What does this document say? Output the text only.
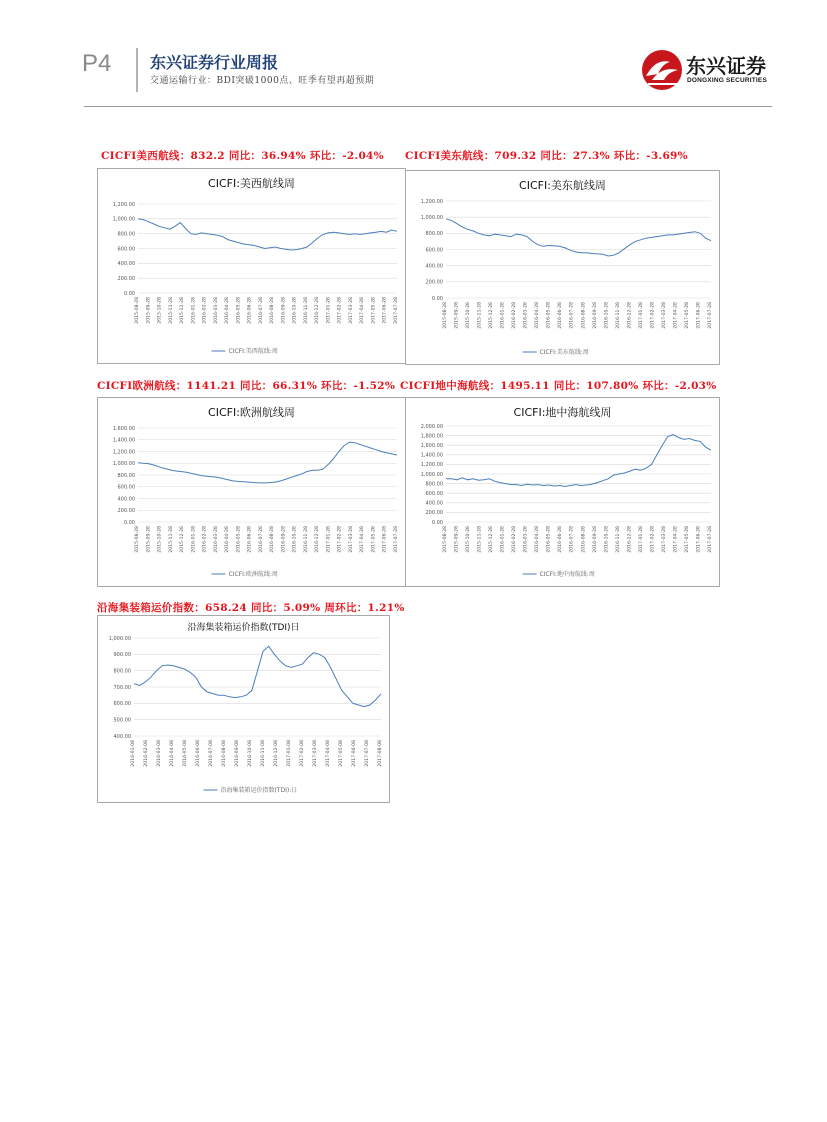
P4 东兴证券行业周报
交通运输行业：BDI突破1000点、旺季有望再超预期
东兴证券
DONGXING SECURITIES
CICFI美西航线：832.2 同比：36.94% 环比：-2.04% CICFI美东航线：709.32 同比：27.3% 环比：-3.69%
CICFI欧洲航线：1141.21 同比：66.31% 环比：-1.52% CICFI地中海航线：1495.11 同比：107.80% 环比：-2.03%
沿海集装箱运价指数：658.24 同比：5.09% 周环比：1.21%
CICFI:美西航线周
1,200.00
1,000.00
800.00
600.00
400.00
200.00
0.00
2015-08-28 2015-09-28 2015-10-28 2015-11-28 2015-12-28 2016-01-28 2016-02-28 2016-03-28 2016-04-28 2016-05-28 2016-06-28 2016-07-28 2016-08-28 2016-09-28 2016-10-28 2016-11-28 2016-12-28 2017-01-28 2017-02-28 2017-03-28 2017-04-28 2017-05-28 2017-06-28 2017-07-28
CICFI:美西航线:周
CICFI:美东航线周
1,200.00
1,000.00
800.00
600.00
400.00
200.00
0.00
2015-08-28 2015-09-28 2015-10-28 2015-11-28 2015-12-28 2016-01-28 2016-02-28 2016-03-28 2016-04-28 2016-05-28 2016-06-28 2016-07-28 2016-08-28 2016-09-28 2016-10-28 2016-11-28 2016-12-28 2017-01-28 2017-02-28 2017-03-28 2017-04-28 2017-05-28 2017-06-28 2017-07-28
CICFI:美东航线:周
CICFI:欧洲航线周
1,600.00
1,400.00
1,200.00
1,000.00
800.00
600.00
400.00
200.00
0.00
2015-08-28 2015-09-28 2015-10-28 2015-11-28 2015-12-28 2016-01-28 2016-02-28 2016-03-28 2016-04-28 2016-05-28 2016-06-28 2016-07-28 2016-08-28 2016-09-28 2016-10-28 2016-11-28 2016-12-28 2017-01-28 2017-02-28 2017-03-28 2017-04-28 2017-05-28 2017-06-28 2017-07-28
CICFI:欧洲航线:周
CICFI:地中海航线周
2,000.00
1,800.00
1,600.00
1,400.00
1,200.00
1,000.00
800.00
600.00
400.00
200.00
0.00
2015-08-28 2015-09-28 2015-10-28 2015-11-28 2015-12-28 2016-01-28 2016-02-28 2016-03-28 2016-04-28 2016-05-28 2016-06-28 2016-07-28 2016-08-28 2016-09-28 2016-10-28 2016-11-28 2016-12-28 2017-01-28 2017-02-28 2017-03-28 2017-04-28 2017-05-28 2017-06-28 2017-07-28
CICFI:地中海航线:周
沿海集装箱运价指数(TDI)日
1,000.00
900.00
800.00
700.00
600.00
500.00
400.00
2016-01-08 2016-02-08 2016-03-08 2016-04-08 2016-05-08 2016-06-08 2016-07-08 2016-08-08 2016-09-08 2016-10-08 2016-11-08 2016-12-08 2017-01-08 2017-02-08 2017-03-08 2017-04-08 2017-05-08 2017-06-08 2017-07-08 2017-08-08
沿海集装箱运价指数(TDI):日
